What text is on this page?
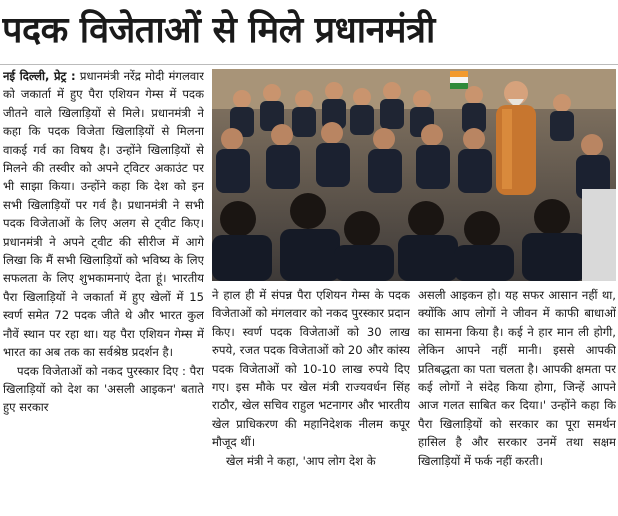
पदक विजेताओं से मिले प्रधानमंत्री

नई दिल्ली, प्रेट्र : प्रधानमंत्री नरेंद्र मोदी मंगलवार को जकार्ता में हुए पैरा एशियन गेम्स में पदक जीतने वाले खिलाड़ियों से मिले। प्रधानमंत्री ने कहा कि पदक विजेता खिलाड़ियों से मिलना वाकई गर्व का विषय है। उन्होंने खिलाड़ियों से मिलने की तस्वीर को अपने ट्विटर अकाउंट पर भी साझा किया। उन्होंने कहा कि देश को इन सभी खिलाड़ियों पर गर्व है। प्रधानमंत्री ने सभी पदक विजेताओं के लिए अलग से ट्वीट किए। प्रधानमंत्री ने अपने ट्वीट की सीरीज में आगे लिखा कि मैं सभी खिलाड़ियों को भविष्य के लिए सफलता के लिए शुभकामनाएं देता हूं। भारतीय पैरा खिलाड़ियों ने जकार्ता में हुए खेलों में 15 स्वर्ण समेत 72 पदक जीते थे और भारत कुल नौवें स्थान पर रहा था। यह पैरा एशियन गेम्स में भारत का अब तक का सर्वश्रेष्ठ प्रदर्शन है।

पदक विजेताओं को नकद पुरस्कार दिए : पैरा खिलाड़ियों को देश का 'असली आइकन' बताते हुए सरकार

ने हाल ही में संपन्न पैरा एशियन गेम्स के पदक विजेताओं को मंगलवार को नकद पुरस्कार प्रदान किए। स्वर्ण पदक विजेताओं को 30 लाख रुपये, रजत पदक विजेताओं को 20 और कांस्य पदक विजेताओं को 10-10 लाख रुपये दिए गए। इस मौके पर खेल मंत्री राज्यवर्धन सिंह राठौर, खेल सचिव राहुल भटनागर और भारतीय खेल प्राधिकरण की महानिदेशक नीलम कपूर मौजूद थीं।

खेल मंत्री ने कहा, 'आप लोग देश के

असली आइकन हो। यह सफर आसान नहीं था, क्योंकि आप लोगों ने जीवन में काफी बाधाओं का सामना किया है। कई ने हार मान ली होगी, लेकिन आपने नहीं मानी। इससे आपकी प्रतिबद्धता का पता चलता है। आपकी क्षमता पर कई लोगों ने संदेह किया होगा, जिन्हें आपने आज गलत साबित कर दिया।' उन्होंने कहा कि पैरा खिलाड़ियों को सरकार का पूरा समर्थन हासिल है और सरकार उनमें तथा सक्षम खिलाड़ियों में फर्क नहीं करती।
